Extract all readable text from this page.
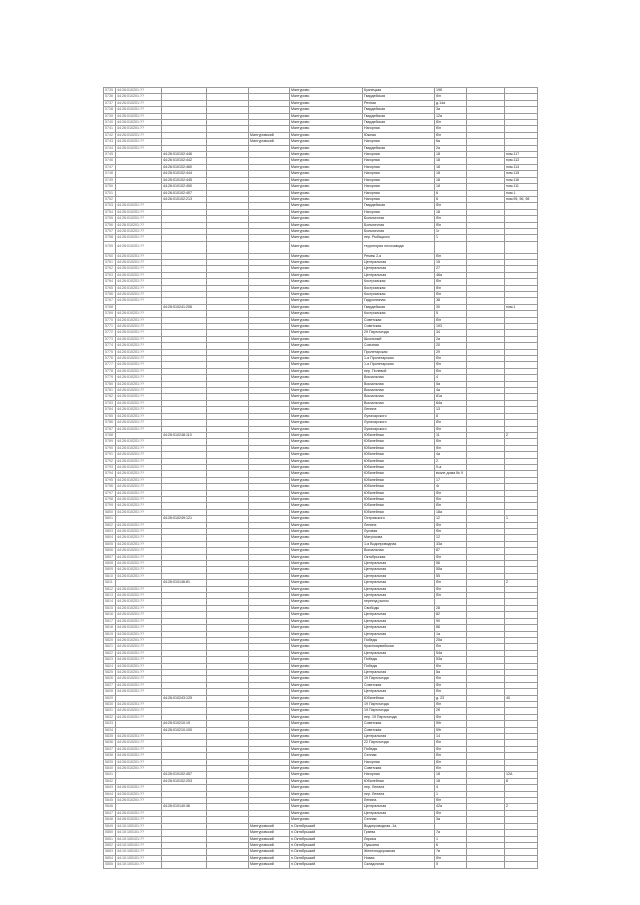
5735	44:26:010201:??				Мантурово	Кузнецкая	19б		
5736	44:26:010201:??				Мантурово	Гвардейская	б/н		
5737	44:26:010201:??				Мантурово	Речная	д.14а		
5738	44:26:010201:??				Мантурово	Гвардейская	3а		
5739	44:26:010201:??				Мантурово	Гвардейская	12а		
5740	44:26:010201:??				Мантурово	Гвардейская	б/н		
5741	44:26:010201:??				Мантурово	Нагорная	б/н		
5742	44:26:010201:??			Мантуровский	Мантурово	Южная	б/н		
5743	44:26:010201:??			Мантуровский	Мантурово	Нагорная	6а		
5744	44:26:010201:??				Мантурово	Гвардейская	2а		
5745		44:26:010102:446			Мантурово	Нагорная	18		пом.117
5746		44:26:010102:442			Мантурово	Нагорная	18		пом.113
5747		44:26:010102:460			Мантурово	Нагорная	18		пом.114
5748		44:26:010102:444			Мантурово	Нагорная	18		пом.115
5749		44:26:010102:445			Мантурово	Нагорная	18		пом.116
5750		44:26:010102:450			Мантурово	Нагорная	18		пом.111
5751		44:26:010102:407			Мантурово	Нагорная	6		пом.1
5752		44:26:010102:213			Мантурово	Нагорная	6		пом.95, 96, 98
5753	44:26:010201:??				Мантурово	Гвардейская	б/н		
5754	44:26:010201:??				Мантурово	Нагорная	18		
5755	44:26:010201:??				Мантурово	Больничная	б/н		
5756	44:26:010201:??				Мантурово	Больничная	б/н		
5757	44:26:010201:??				Мантурово	Больничная	1г		
5758	44:26:010201:??				Мантурово	пер. Рыбацкого	1		
5759	44:26:010201:??				Мантурово	территория лесозавода			
5760	44:26:010201:??				Мантурово	Ремеж 2-я	б/н		
5761	44:26:010201:??				Мантурово	Центральная	15		
5762	44:26:010201:??				Мантурово	Центральная	27		
5763	44:26:010201:??				Мантурово	Центральная	46а		
5764	44:26:010201:??				Мантурово	Костромская	б/н		
5765	44:26:010201:??				Мантурово	Костромская	б/н		
5766	44:26:010201:??				Мантурово	Костромская	б/н		
5767	44:26:010201:??				Мантурово	Гидролизная	38		
5768		44:26:010241:206			Мантурово	Гвардейская	30		пом.1
5769	44:26:010201:??				Мантурово	Костромская	5		
5770	44:26:010201:??				Мантурово	Советская	б/н		
5771	44:26:010201:??				Мантурово	Советская	193		
5772	44:26:010201:??				Мантурово	29 Партсъезда	34		
5773	44:26:010201:??				Мантурово	Школьный	2а		
5774	44:26:010201:??				Мантурово	Союзная	20		
5775	44:26:010201:??				Мантурово	Пролетарская	29		
5776	44:26:010201:??				Мантурово	1-я Пролетарская	б/н		
5777	44:26:010201:??				Мантурово	1-я Пролетарская	б/н		
5778	44:26:010201:??				Мантурово	пер. Полевой	б/н		
5779	44:26:010201:??				Мантурово	Вокзальная	4		
5780	44:26:010201:??				Мантурово	Вокзальная	5а		
5781	44:26:010201:??				Мантурово	Вокзальная	4а		
5782	44:26:010201:??				Мантурово	Вокзальная	81а		
5783	44:26:010201:??				Мантурово	Вокзальная	84а		
5784	44:26:010201:??				Мантурово	Ленина	13		
5785	44:26:010201:??				Мантурово	Луначарского	8		
5786	44:26:010201:??				Мантурово	Луначарского	б/н		
5787	44:26:010201:??				Мантурово	Луначарского	б/н		
5788		44:26:010248:110			Мантурово	Юбилейная	11		2
5789	44:26:010201:??				Мантурово	Юбилейная	б/н		
5790	44:26:010201:??				Мантурово	Юбилейная	б/н		
5791	44:26:010201:??				Мантурово	Юбилейная	4а		
5792	44:26:010201:??				Мантурово	Юбилейная	2		
5793	44:26:010201:??				Мантурово	Юбилейная	9-а		
5794	44:26:010201:??				Мантурово	Юбилейная	возле дома № 9		
5795	44:26:010201:??				Мантурово	Юбилейная	17		
5796	44:26:010201:??				Мантурово	Юбилейная	4г		
5797	44:26:010201:??				Мантурово	Юбилейная	б/н		
5798	44:26:010201:??				Мантурово	Юбилейная	б/н		
5799	44:26:010201:??				Мантурово	Юбилейная	б/н		
5800	44:26:010201:??				Мантурово	Юбилейная	18а		
5801		44:26:010249:121			Мантурово	Островского	12		1
5802	44:26:010201:??				Мантурово	Ленина	б/н		
5803	44:26:010201:??				Мантурово	Луговая	б/н		
5804	44:26:010201:??				Мантурово	Матросова	12		
5805	44:26:010201:??				Мантурово	1-я Водопроводная	33а		
5806	44:26:010201:??				Мантурово	Вокзальная	87		
5807	44:26:010201:??				Мантурово	Октябрьская	б/н		
5808	44:26:010201:??				Мантурово	Центральная	56		
5809	44:26:010201:??				Мантурово	Центральная	55а		
5810	44:26:010201:??				Мантурово	Центральная	55		
5811		44:26:010146:81			Мантурово	Центральная	б/н		2
5812	44:26:010201:??				Мантурово	Центральная	б/н		
5813	44:26:010201:??				Мантурово	Центральная	б/н		
5814	44:26:010201:??				Мантурово	переезд рынок			
5815	44:26:010201:??				Мантурово	Свободы	28		
5816	44:26:010201:??				Мантурово	Центральная	82		
5817	44:26:010201:??				Мантурово	Центральная	90		
5818	44:26:010201:??				Мантурово	Центральная	86		
5819	44:26:010201:??				Мантурово	Центральная	1а		
5820	44:26:010201:??				Мантурово	Победы	25а		
5821	44:26:010201:??				Мантурово	Красноармейская	б/н		
5822	44:26:010201:??				Мантурово	Центральная	54а		
5823	44:26:010201:??				Мантурово	Победы	53а		
5824	44:26:010201:??				Мантурово	Победы	б/н		
5825	44:26:010201:??				Мантурово	Центральная	5а		
5826	44:26:010201:??				Мантурово	19 Партсъезда	б/н		
5827	44:26:010201:??				Мантурово	Советская	б/н		
5828	44:26:010201:??				Мантурово	Центральная	б/н		
5829		44:26:010243:125			Мантурово	Юбилейная	д. 23		40
5830	44:26:010201:??				Мантурово	19 Партсъезда	б/н		
5831	44:26:010201:??				Мантурово	19 Партсъезда	2б		
5832	44:26:010201:??				Мантурово	пер. 19 Партсъезда	б/н		
5833		44:26:010210:19			Мантурово	Советская	59г		
5834		44:26:010210:100			Мантурово	Советская	59г		
5835	44:26:010201:??				Мантурово	Центральная	14		
5836	44:26:010201:??				Мантурово	22 Партсъезда	б/н		
5837	44:26:010201:??				Мантурово	Победы	б/н		
5838	44:26:010201:??				Мантурово	Сенная	б/н		
5839	44:26:010201:??				Мантурово	Нагорная	б/н		
5840	44:26:010201:??				Мантурово	Советская	б/н		
5841		44:26:010102:457			Мантурово	Нагорная	18		12А
5842		44:26:010102:203			Мантурово	Юбилейная	18		8
5843	44:26:010201:??				Мантурово	пер. Ленина	4		
5844	44:26:010201:??				Мантурово	пер. Ленина	1		
5845	44:26:010201:??				Мантурово	Ленина	б/н		
5846		44:26:010140:36			Мантурово	Центральная	42а		2
5847	44:26:010201:??				Мантурово	Центральная	б/н		
5848	44:26:010201:??				Мантурово	Сенная	3а		
5849	44:10:100101:??			Мантуровский	п.Октябрьский	Водопроводная -1а			
5850	44:10:100101:??			Мантуровский	п.Октябрьский	Грзева	7а		
5851	44:10:100101:??			Мантуровский	п.Октябрьский	Лирика	1		
5852	44:10:100101:??			Мантуровский	п.Октябрьский	Пушкина	6		
5853	44:10:100101:??			Мантуровский	п.Октябрьский	Железнодорожная	7в		
5854	44:10:100101:??			Мантуровский	п.Октябрьский	Новая	б/н		
5855	44:10:100101:??			Мантуровский	п.Октябрьский	Складочная	5		
